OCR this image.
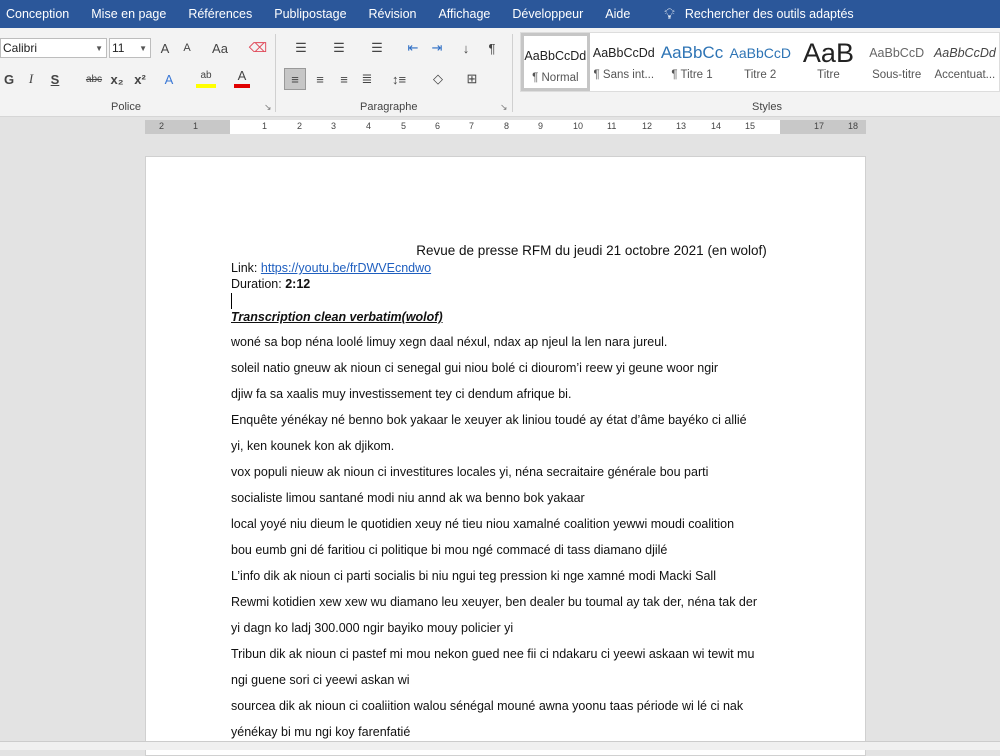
Conception	Mise en page	Références	Publipostage	Révision	Affichage	Développeur	Aide	💡︎ Rechercher des outils adaptés
Calibri	▼ 11 ▼ A	A	Aa	⌫
G	I	S	abc x₂ x²	A	ab	A
Police	↘
☰	☰	☰	⇤	⇥	↓	¶
≡	≡	≡	≣	↕≡	◇	⊞
Paragraphe	↘
AaBbCcDd
¶ Normal
AaBbCcDd
¶ Sans int...
AaBbCc
¶ Titre 1
AaBbCcD
Titre 2
AaB
Titre
AaBbCcD
Sous-titre
AaBbCcDd
Accentuat...
Styles
2	1	1	2	3	4	5	6	7	8	9	10	11	12	13	14	15	17	18
Revue de presse RFM du jeudi 21 octobre 2021 (en wolof)
Link: https://youtu.be/frDWVEcndwo
Duration: 2:12
Transcription clean verbatim(wolof)
woné sa bop néna loolé limuy xegn daal néxul, ndax ap njeul la len nara jureul.
soleil natio gneuw ak nioun ci senegal gui niou bolé ci diourom’i reew yi geune woor ngir
djiw fa sa xaalis muy investissement tey ci dendum afrique bi.
Enquête yénékay né benno bok yakaar le xeuyer ak liniou toudé ay état d’âme bayéko ci allié
yi, ken kounek kon ak djikom.
vox populi nieuw ak nioun ci investitures locales yi, néna secraitaire générale bou parti
socialiste limou santané modi niu annd ak wa benno bok yakaar
local yoyé niu dieum le quotidien xeuy né tieu niou xamalné coalition yewwi moudi coalition
bou eumb gni dé faritiou ci politique bi mou ngé commacé di tass diamano djilé
L’info dik ak nioun ci parti socialis bi niu ngui teg pression ki nge xamné modi Macki Sall
Rewmi kotidien xew xew wu diamano leu xeuyer, ben dealer bu toumal ay tak der, néna tak der
yi dagn ko ladj 300.000 ngir bayiko mouy policier yi
Tribun dik ak nioun ci pastef mi mou nekon gued nee fii ci ndakaru ci yeewi askaan wi tewit mu
ngi guene sori ci yeewi askan wi
sourcea dik ak nioun ci coaliition walou sénégal mouné awna yoonu taas période wi lé ci nak
yénékay bi mu ngi koy farenfatié
